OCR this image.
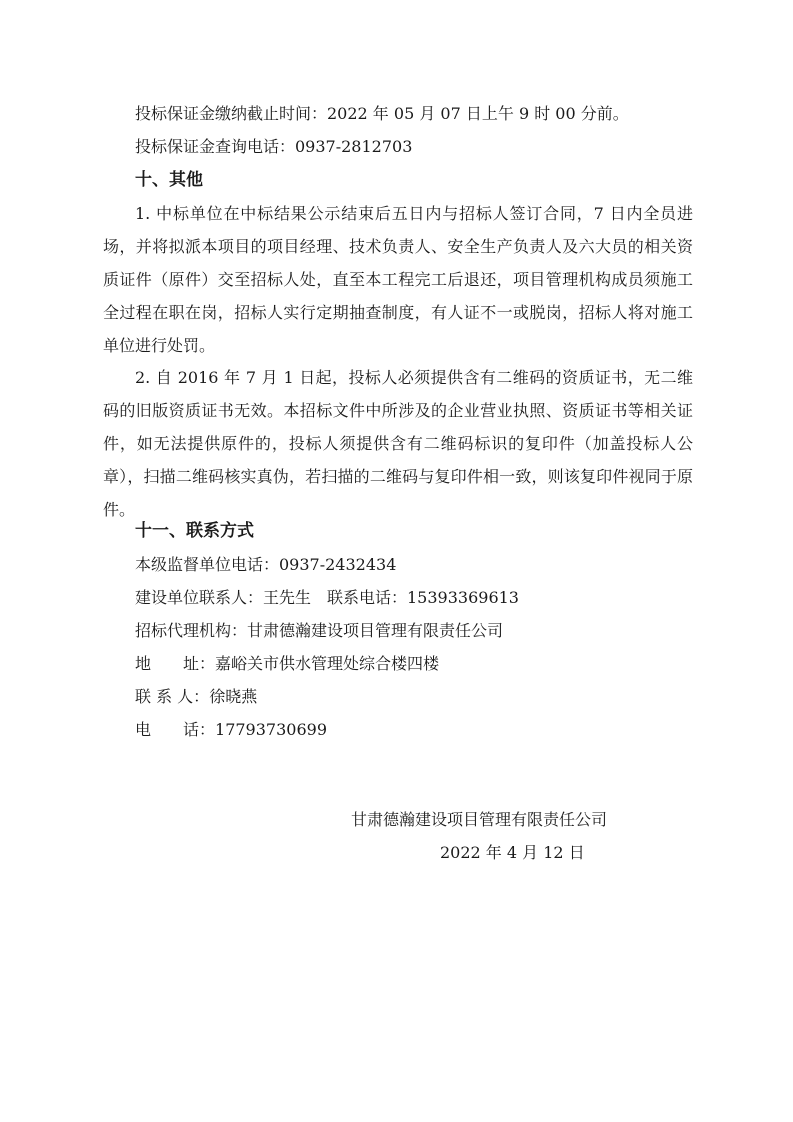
投标保证金缴纳截止时间：2022 年 05 月 07 日上午 9 时 00 分前。
投标保证金查询电话：0937-2812703
十、其他

1. 中标单位在中标结果公示结束后五日内与招标人签订合同，7 日内全员进场，并将拟派本项目的项目经理、技术负责人、安全生产负责人及六大员的相关资质证件（原件）交至招标人处，直至本工程完工后退还，项目管理机构成员须施工全过程在职在岗，招标人实行定期抽查制度，有人证不一或脱岗，招标人将对施工单位进行处罚。

2. 自 2016 年 7 月 1 日起，投标人必须提供含有二维码的资质证书，无二维码的旧版资质证书无效。本招标文件中所涉及的企业营业执照、资质证书等相关证件，如无法提供原件的，投标人须提供含有二维码标识的复印件（加盖投标人公章），扫描二维码核实真伪，若扫描的二维码与复印件相一致，则该复印件视同于原件。

十一、联系方式
本级监督单位电话：0937-2432434
建设单位联系人：王先生　联系电话：15393369613
招标代理机构：甘肃德瀚建设项目管理有限责任公司
地　　址：嘉峪关市供水管理处综合楼四楼
联 系 人：徐晓燕
电　　话：17793730699
甘肃德瀚建设项目管理有限责任公司
2022 年 4 月 12 日
